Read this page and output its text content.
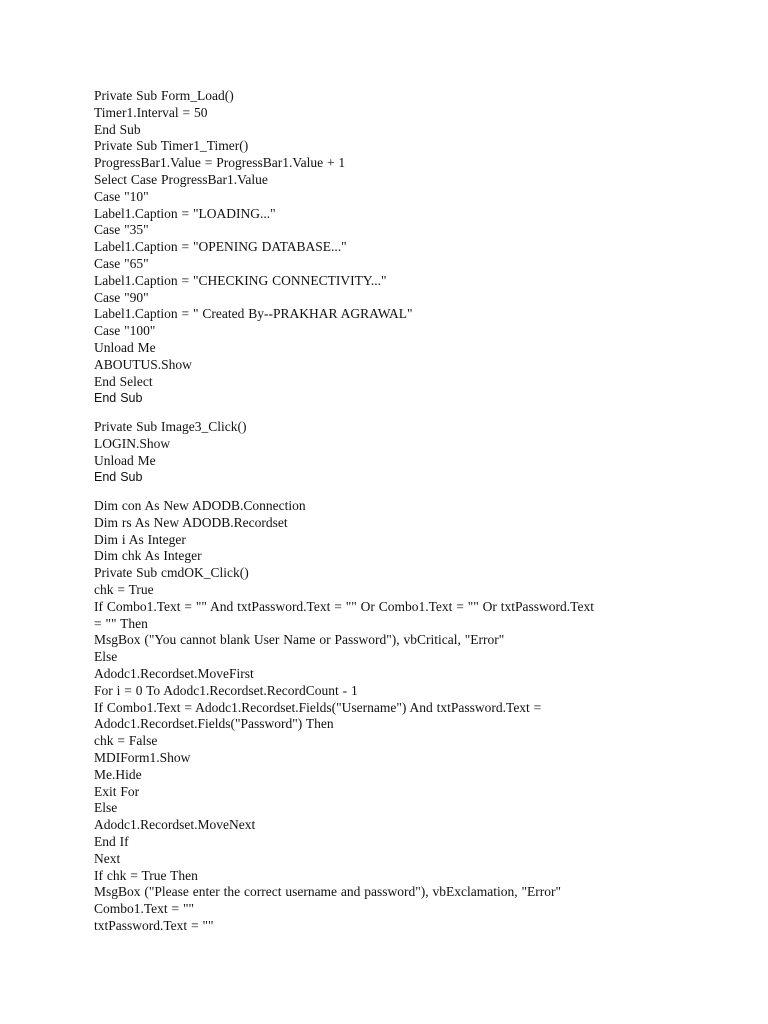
Private Sub Form_Load()
Timer1.Interval = 50
End Sub
Private Sub Timer1_Timer()
ProgressBar1.Value = ProgressBar1.Value + 1
Select Case ProgressBar1.Value
Case "10"
Label1.Caption = "LOADING..."
Case "35"
Label1.Caption = "OPENING DATABASE..."
Case "65"
Label1.Caption = "CHECKING CONNECTIVITY..."
Case "90"
Label1.Caption = " Created By--PRAKHAR AGRAWAL"
Case "100"
Unload Me
ABOUTUS.Show
End Select
End Sub
Private Sub Image3_Click()
LOGIN.Show
Unload Me
End Sub
Dim con As New ADODB.Connection
Dim rs As New ADODB.Recordset
Dim i As Integer
Dim chk As Integer
Private Sub cmdOK_Click()
chk = True
If Combo1.Text = "" And txtPassword.Text = "" Or Combo1.Text = "" Or txtPassword.Text
= "" Then
MsgBox ("You cannot blank User Name or Password"), vbCritical, "Error"
Else
Adodc1.Recordset.MoveFirst
For i = 0 To Adodc1.Recordset.RecordCount - 1
If Combo1.Text = Adodc1.Recordset.Fields("Username") And txtPassword.Text =
Adodc1.Recordset.Fields("Password") Then
chk = False
MDIForm1.Show
Me.Hide
Exit For
Else
Adodc1.Recordset.MoveNext
End If
Next
If chk = True Then
MsgBox ("Please enter the correct username and password"), vbExclamation, "Error"
Combo1.Text = ""
txtPassword.Text = ""
